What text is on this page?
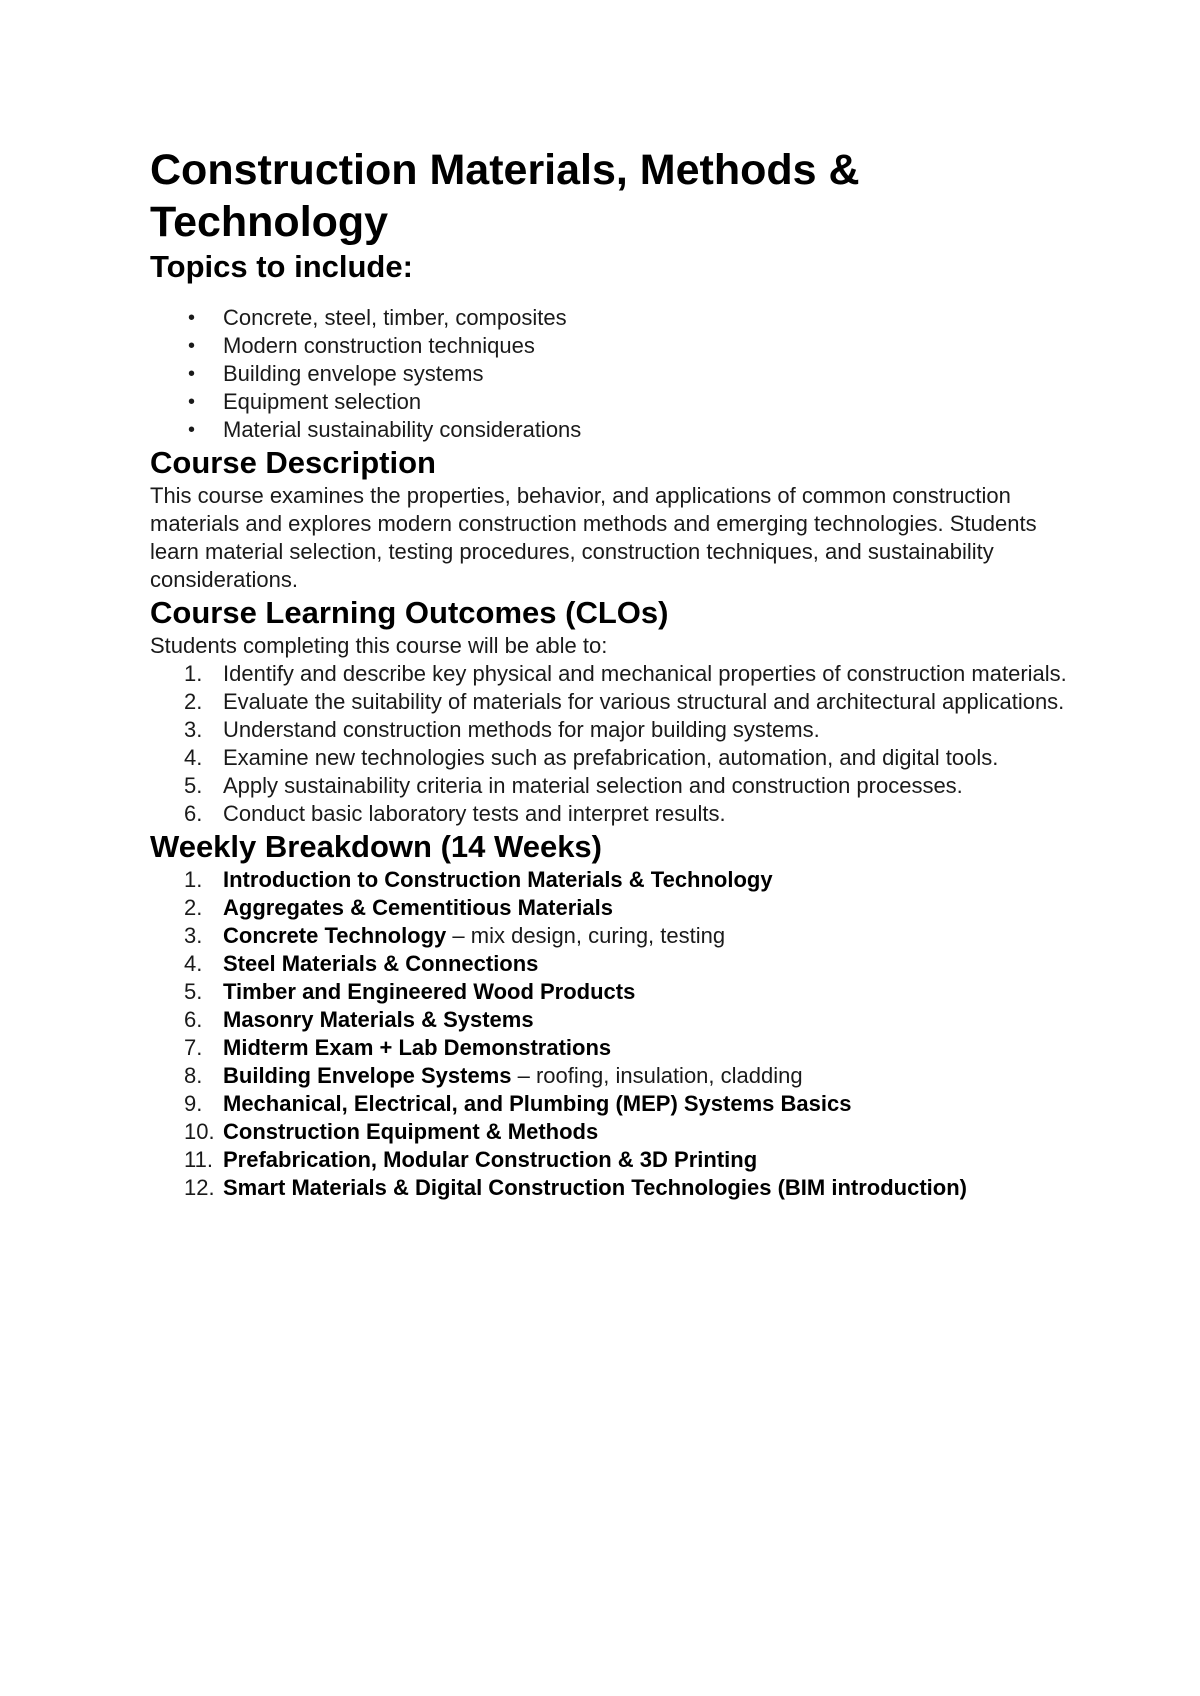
Construction Materials, Methods & Technology
Topics to include:
• Concrete, steel, timber, composites
• Modern construction techniques
• Building envelope systems
• Equipment selection
• Material sustainability considerations
Course Description

This course examines the properties, behavior, and applications of common construction materials and explores modern construction methods and emerging technologies. Students learn material selection, testing procedures, construction techniques, and sustainability considerations.

Course Learning Outcomes (CLOs)

Students completing this course will be able to:

1. Identify and describe key physical and mechanical properties of construction materials.
2. Evaluate the suitability of materials for various structural and architectural applications.
3. Understand construction methods for major building systems.
4. Examine new technologies such as prefabrication, automation, and digital tools.
5. Apply sustainability criteria in material selection and construction processes.
6. Conduct basic laboratory tests and interpret results.
Weekly Breakdown (14 Weeks)
1. Introduction to Construction Materials & Technology
2. Aggregates & Cementitious Materials
3. Concrete Technology – mix design, curing, testing
4. Steel Materials & Connections
5. Timber and Engineered Wood Products
6. Masonry Materials & Systems
7. Midterm Exam + Lab Demonstrations
8. Building Envelope Systems – roofing, insulation, cladding
9. Mechanical, Electrical, and Plumbing (MEP) Systems Basics
10. Construction Equipment & Methods
11. Prefabrication, Modular Construction & 3D Printing
12. Smart Materials & Digital Construction Technologies (BIM introduction)
